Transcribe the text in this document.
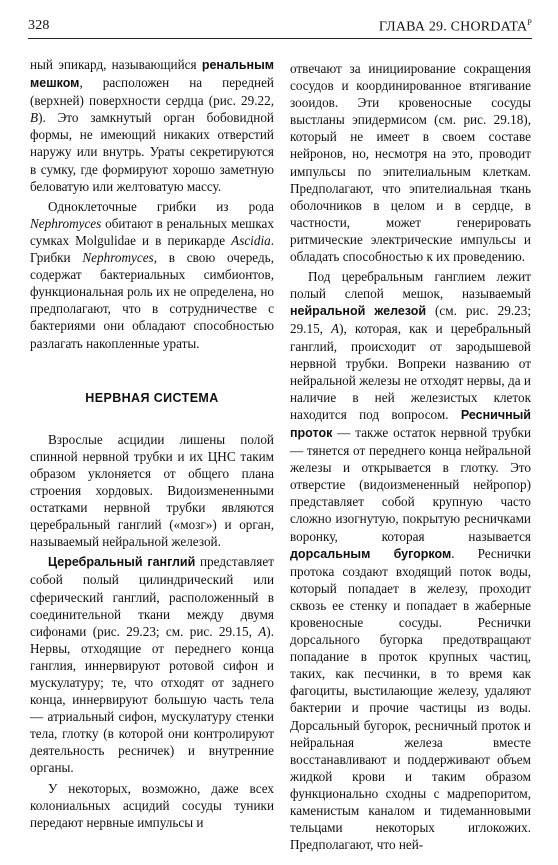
328	ГЛАВА 29. $CHORDATA^P$

ный эпикард, называющийся ренальным мешком, расположен на передней (верхней) поверхности сердца (рис. 29.22, В). Это замкнутый орган бобовидной формы, не имеющий никаких отверстий наружу или внутрь. Ураты секретируются в сумку, где формируют хорошо заметную беловатую или желтоватую массу.

Одноклеточные грибки из рода Nephromyces обитают в ренальных мешках сумках Molgulidae и в перикарде Ascidia. Грибки Nephromyces, в свою очередь, содержат бактериальных симбионтов, функциональная роль их не определена, но предполагают, что в сотрудничестве с бактериями они обладают способностью разлагать накопленные ураты.

НЕРВНАЯ СИСТЕМА

Взрослые асцидии лишены полой спинной нервной трубки и их ЦНС таким образом уклоняется от общего плана строения хордовых. Видоизмененными остатками нервной трубки являются церебральный ганглий («мозг») и орган, называемый нейральной железой.

Церебральный ганглий представляет собой полый цилиндрический или сферический ганглий, расположенный в соединительной ткани между двумя сифонами (рис. 29.23; см. рис. 29.15, А). Нервы, отходящие от переднего конца ганглия, иннервируют ротовой сифон и мускулатуру; те, что отходят от заднего конца, иннервируют большую часть тела — атриальный сифон, мускулатуру стенки тела, глотку (в которой они контролируют деятельность ресничек) и внутренние органы.

У некоторых, возможно, даже всех колониальных асцидий сосуды туники передают нервные импульсы и

отвечают за инициирование сокращения сосудов и координированное втягивание зооидов. Эти кровеносные сосуды выстланы эпидермисом (см. рис. 29.18), который не имеет в своем составе нейронов, но, несмотря на это, проводит импульсы по эпителиальным клеткам. Предполагают, что эпителиальная ткань оболочников в целом и в сердце, в частности, может генерировать ритмические электрические импульсы и обладать способностью к их проведению.

Под церебральным ганглием лежит полый слепой мешок, называемый нейральной железой (см. рис. 29.23; 29.15, А), которая, как и церебральный ганглий, происходит от зародышевой нервной трубки. Вопреки названию от нейральной железы не отходят нервы, да и наличие в ней железистых клеток находится под вопросом. Ресничный проток — также остаток нервной трубки — тянется от переднего конца нейральной железы и открывается в глотку. Это отверстие (видоизмененный нейропор) представляет собой крупную часто сложно изогнутую, покрытую ресничками воронку, которая называется дорсальным бугорком. Реснички протока создают входящий поток воды, который попадает в железу, проходит сквозь ее стенку и попадает в жаберные кровеносные сосуды. Реснички дорсального бугорка предотвращают попадание в проток крупных частиц, таких, как песчинки, в то время как фагоциты, выстилающие железу, удаляют бактерии и прочие частицы из воды. Дорсальный бугорок, ресничный проток и нейральная железа вместе восстанавливают и поддерживают объем жидкой крови и таким образом функционально сходны с мадрепоритом, каменистым каналом и тидеманновыми тельцами некоторых иглокожих. Предполагают, что ней-
